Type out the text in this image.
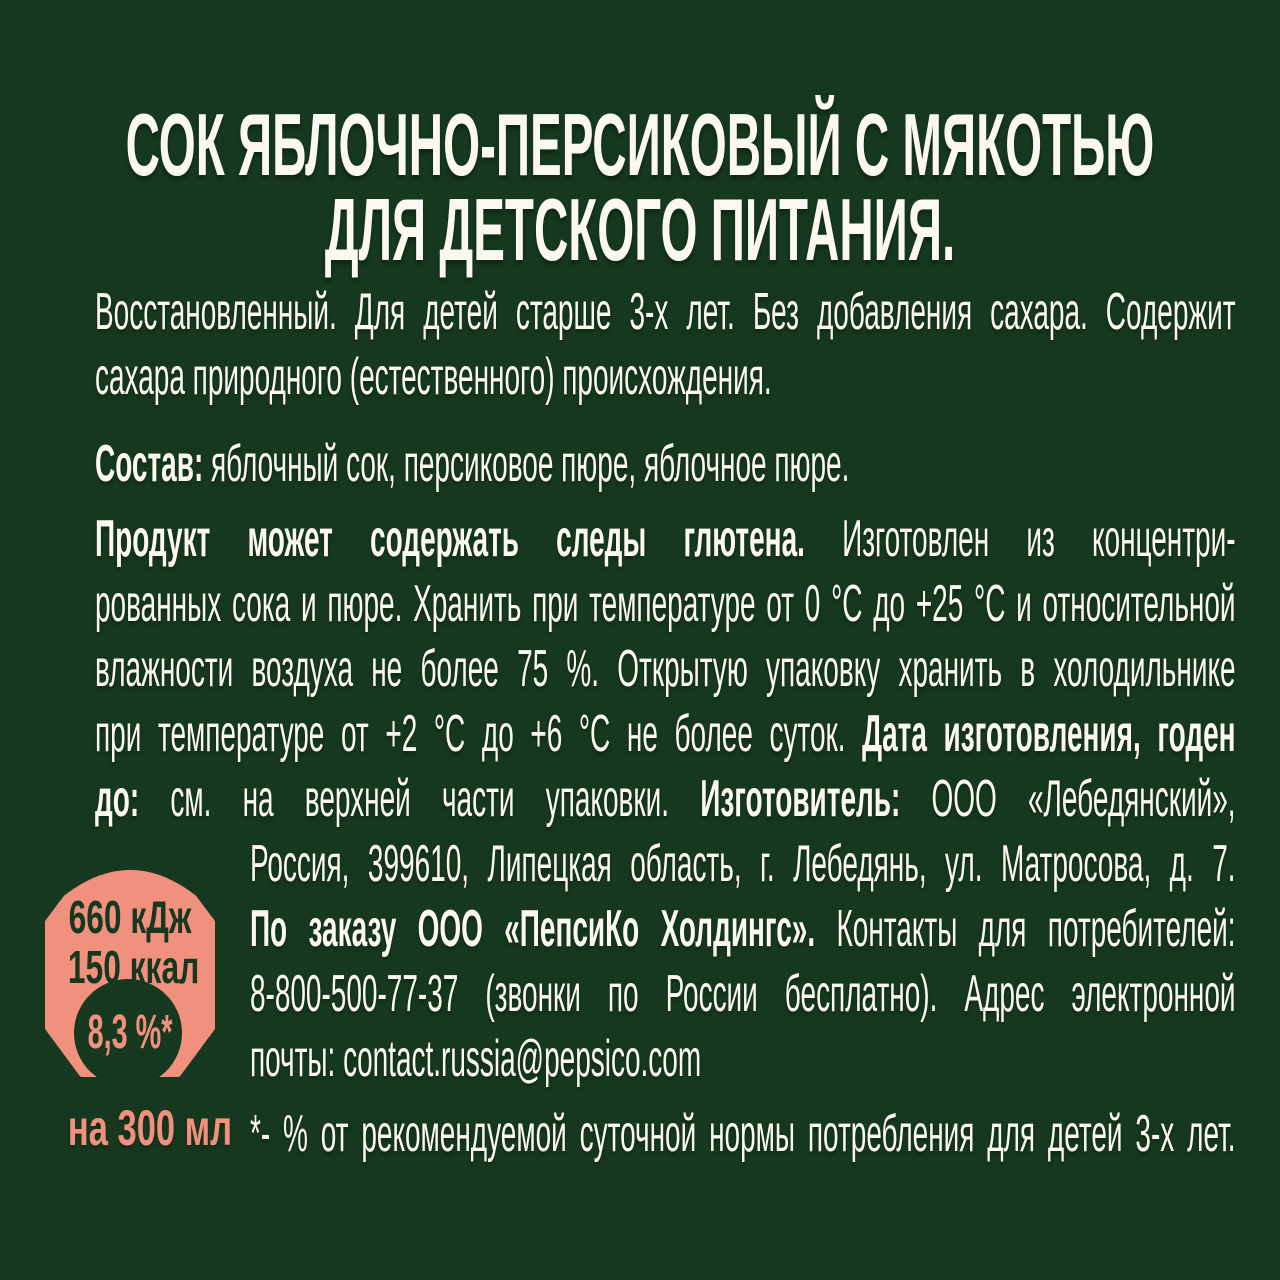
СОК ЯБЛОЧНО-ПЕРСИКОВЫЙ С МЯКОТЬЮ
ДЛЯ ДЕТСКОГО ПИТАНИЯ.
Восстановленный. Для детей старше 3-х лет. Без добавления сахара. Содержит
сахара природного (естественного) происхождения.
Состав: яблочный сок, персиковое пюре, яблочное пюре.
Продукт может содержать следы глютена. Изготовлен из концентри-
рованных сока и пюре. Хранить при температуре от 0 °C до +25 °C и относительной
влажности воздуха не более 75 %. Открытую упаковку хранить в холодильнике
при температуре от +2 °C до +6 °C не более суток. Дата изготовления, годен
до: см. на верхней части упаковки. Изготовитель: ООО «Лебедянский»,
Россия, 399610, Липецкая область, г. Лебедянь, ул. Матросова, д. 7.
По заказу ООО «ПепсиКо Холдингс». Контакты для потребителей:
8-800-500-77-37 (звонки по России бесплатно). Адрес электронной
почты: contact.russia@pepsico.com
*- % от рекомендуемой суточной нормы потребления для детей 3-х лет.
660 кДж
150 ккал
8,3 %*
на 300 мл
